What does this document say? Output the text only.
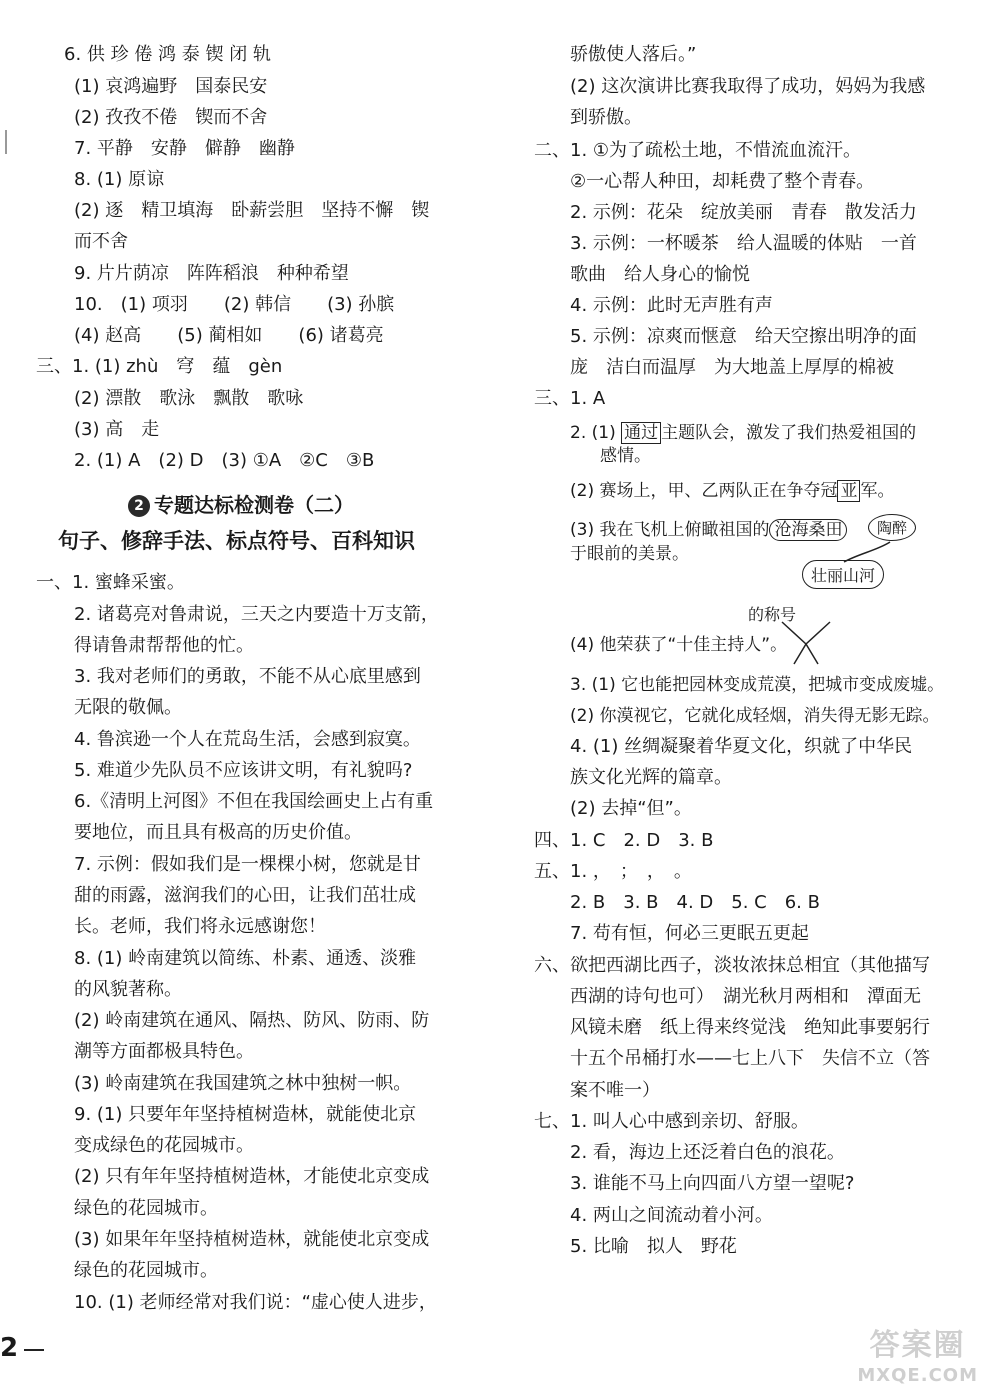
6. 供 珍 倦 鸿 泰 锲 闭 轨
(1) 哀鸿遍野　国泰民安
(2) 孜孜不倦　锲而不舍
7. 平静　安静　僻静　幽静
8. (1) 原谅
(2) 逐　精卫填海　卧薪尝胆　坚持不懈　锲
而不舍
9. 片片荫凉　阵阵稻浪　种种希望
10.　(1) 项羽　　(2) 韩信　　(3) 孙膑
(4) 赵高　　(5) 蔺相如　　(6) 诸葛亮
三、1. (1) zhù　穹　蕴　gèn
(2) 漂散　歌泳　飘散　歌咏
(3) 高　走
2. (1) A　(2) D　(3) ①A　②C　③B
2 专题达标检测卷（二）
句子、修辞手法、标点符号、百科知识
一、1. 蜜蜂采蜜。
2. 诸葛亮对鲁肃说，三天之内要造十万支箭，
得请鲁肃帮帮他的忙。
3. 我对老师们的勇敢，不能不从心底里感到
无限的敬佩。
4. 鲁滨逊一个人在荒岛生活，会感到寂寞。
5. 难道少先队员不应该讲文明，有礼貌吗?
6.《清明上河图》不但在我国绘画史上占有重
要地位，而且具有极高的历史价值。
7. 示例：假如我们是一棵棵小树，您就是甘
甜的雨露，滋润我们的心田，让我们茁壮成
长。老师，我们将永远感谢您！
8. (1) 岭南建筑以简练、朴素、通透、淡雅
的风貌著称。
(2) 岭南建筑在通风、隔热、防风、防雨、防
潮等方面都极具特色。
(3) 岭南建筑在我国建筑之林中独树一帜。
9. (1) 只要年年坚持植树造林，就能使北京
变成绿色的花园城市。
(2) 只有年年坚持植树造林，才能使北京变成
绿色的花园城市。
(3) 如果年年坚持植树造林，就能使北京变成
绿色的花园城市。
10. (1) 老师经常对我们说：“虚心使人进步，
骄傲使人落后。”
(2) 这次演讲比赛我取得了成功，妈妈为我感
到骄傲。
二、1. ①为了疏松土地，不惜流血流汗。
②一心帮人种田，却耗费了整个青春。
2. 示例：花朵　绽放美丽　青春　散发活力
3. 示例：一杯暖茶　给人温暖的体贴　一首
歌曲　给人身心的愉悦
4. 示例：此时无声胜有声
5. 示例：凉爽而惬意　给天空擦出明净的面
庞　洁白而温厚　为大地盖上厚厚的棉被
三、1. A
2. (1) 通过 主题队会，激发了我们热爱祖国的
感情。
(2) 赛场上，甲、乙两队正在争夺冠 亚 军。
(3) 我在飞机上俯瞰祖国的 沧海桑田	陶醉
于眼前的美景。
壮丽山河
的称号
(4) 他荣获了“十佳主持人”。
3. (1) 它也能把园林变成荒漠，把城市变成废墟。
(2) 你漠视它，它就化成轻烟，消失得无影无踪。
4. (1) 丝绸凝聚着华夏文化，织就了中华民
族文化光辉的篇章。
(2) 去掉“但”。
四、1. C　2. D　3. B
五、1. ，　；　，　。
2. B　3. B　4. D　5. C　6. B
7. 苟有恒，何必三更眠五更起
六、欲把西湖比西子，淡妆浓抹总相宜（其他描写
西湖的诗句也可）　湖光秋月两相和　潭面无
风镜未磨　纸上得来终觉浅　绝知此事要躬行
十五个吊桶打水——七上八下　失信不立（答
案不唯一）
七、1. 叫人心中感到亲切、舒服。
2. 看，海边上还泛着白色的浪花。
3. 谁能不马上向四面八方望一望呢?
4. 两山之间流动着小河。
5. 比喻　拟人　野花
2	答案圈
MXQE.COM
